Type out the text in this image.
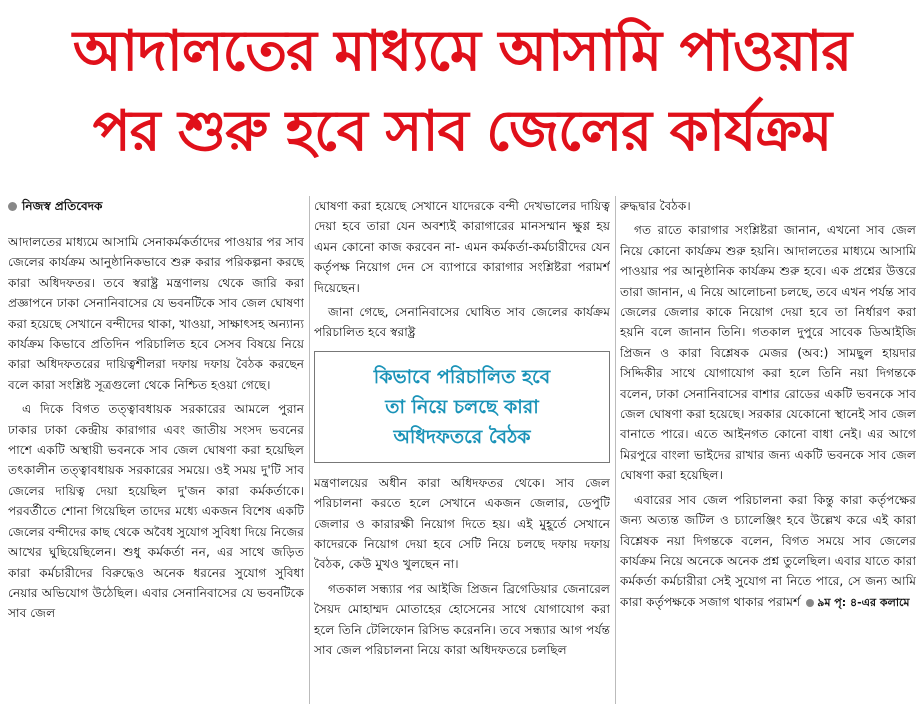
আদালতের মাধ্যমে আসামি পাওয়ার
পর শুরু হবে সাব জেলের কার্যক্রম
নিজস্ব প্রতিবেদক

আদালতের মাধ্যমে আসামি সেনাকর্মকর্তাদের পাওয়ার পর সাব জেলের কার্যক্রম আনুষ্ঠানিকভাবে শুরু করার পরিকল্পনা করছে কারা অধিদফতর। তবে স্বরাষ্ট্র মন্ত্রণালয় থেকে জারি করা প্রজ্ঞাপনে ঢাকা সেনানিবাসের যে ভবনটিকে সাব জেল ঘোষণা করা হয়েছে সেখানে বন্দীদের থাকা, খাওয়া, সাক্ষাৎসহ অন্যান্য কার্যক্রম কিভাবে প্রতিদিন পরিচালিত হবে সেসব বিষয়ে নিয়ে কারা অধিদফতরের দায়িত্বশীলরা দফায় দফায় বৈঠক করছেন বলে কারা সংশ্লিষ্ট সূত্রগুলো থেকে নিশ্চিত হওয়া গেছে।

এ দিকে বিগত তত্ত্বাবধায়ক সরকারের আমলে পুরান ঢাকার ঢাকা কেন্দ্রীয় কারাগার এবং জাতীয় সংসদ ভবনের পাশে একটি অস্থায়ী ভবনকে সাব জেল ঘোষণা করা হয়েছিল তৎকালীন তত্ত্বাবধায়ক সরকারের সময়ে। ওই সময় দু'টি সাব জেলের দায়িত্ব দেয়া হয়েছিল দু'জন কারা কর্মকর্তাকে। পরবর্তীতে শোনা গিয়েছিল তাদের মধ্যে একজন বিশেষ একটি জেলের বন্দীদের কাছ থেকে অবৈধ সুযোগ সুবিধা দিয়ে নিজের আখের ঘুছিয়েছিলেন। শুধু কর্মকর্তা নন, এর সাথে জড়িত কারা কর্মচারীদের বিরুদ্ধেও অনেক ধরনের সুযোগ সুবিধা নেয়ার অভিযোগ উঠেছিল। এবার সেনানিবাসের যে ভবনটিকে সাব জেল

ঘোষণা করা হয়েছে সেখানে যাদেরকে বন্দী দেখভালের দায়িত্ব দেয়া হবে তারা যেন অবশ্যই কারাগারের মানসম্মান ক্ষুণ্ণ হয় এমন কোনো কাজ করবেন না- এমন কর্মকর্তা-কর্মচারীদের যেন কর্তৃপক্ষ নিয়োগ দেন সে ব্যাপারে কারাগার সংশ্লিষ্টরা পরামর্শ দিয়েছেন।

জানা গেছে, সেনানিবাসের ঘোষিত সাব জেলের কার্যক্রম পরিচালিত হবে স্বরাষ্ট্র

কিভাবে পরিচালিত হবে
তা নিয়ে চলছে কারা
অধিদফতরে বৈঠক

মন্ত্রণালয়ের অধীন কারা অধিদফতর থেকে। সাব জেল পরিচালনা করতে হলে সেখানে একজন জেলার, ডেপুটি জেলার ও কারারক্ষী নিয়োগ দিতে হয়। এই মুহূর্তে সেখানে কাদেরকে নিয়োগ দেয়া হবে সেটি নিয়ে চলছে দফায় দফায় বৈঠক, কেউ মুখও খুলছেন না।

গতকাল সন্ধ্যার পর আইজি প্রিজন ব্রিগেডিয়ার জেনারেল সৈয়দ মোহাম্মদ মোতাহের হোসেনের সাথে যোগাযোগ করা হলে তিনি টেলিফোন রিসিভ করেননি। তবে সন্ধ্যার আগ পর্যন্ত সাব জেল পরিচালনা নিয়ে কারা অধিদফতরে চলছিল

রুদ্ধদ্বার বৈঠক।

গত রাতে কারাগার সংশ্লিষ্টরা জানান, এখনো সাব জেল নিয়ে কোনো কার্যক্রম শুরু হয়নি। আদালতের মাধ্যমে আসামি পাওয়ার পর আনুষ্ঠানিক কার্যক্রম শুরু হবে। এক প্রশ্নের উত্তরে তারা জানান, এ নিয়ে আলোচনা চলছে, তবে এখন পর্যন্ত সাব জেলের জেলার কাকে নিয়োগ দেয়া হবে তা নির্ধারণ করা হয়নি বলে জানান তিনি। গতকাল দুপুরে সাবেক ডিআইজি প্রিজন ও কারা বিশ্লেষক মেজর (অব:) সামছুল হায়দার সিদ্দিকীর সাথে যোগাযোগ করা হলে তিনি নয়া দিগন্তকে বলেন, ঢাকা সেনানিবাসের বাশার রোডের একটি ভবনকে সাব জেল ঘোষণা করা হয়েছে। সরকার যেকোনো স্থানেই সাব জেল বানাতে পারে। এতে আইনগত কোনো বাধা নেই। এর আগে মিরপুরে বাংলা ভাইদের রাখার জন্য একটি ভবনকে সাব জেল ঘোষণা করা হয়েছিল।

এবারের সাব জেল পরিচালনা করা কিন্তু কারা কর্তৃপক্ষের জন্য অত্যন্ত জটিল ও চ্যালেঞ্জিং হবে উল্লেখ করে এই কারা বিশ্লেষক নয়া দিগন্তকে বলেন, বিগত সময়ে সাব জেলের কার্যক্রম নিয়ে অনেকে অনেক প্রশ্ন তুলেছিল। এবার যাতে কারা কর্মকর্তা কর্মচারীরা সেই সুযোগ না নিতে পারে, সে জন্য আমি কারা কর্তৃপক্ষকে সজাগ থাকার পরামর্শ ৯ম পৃ: ৪-এর কলামে
